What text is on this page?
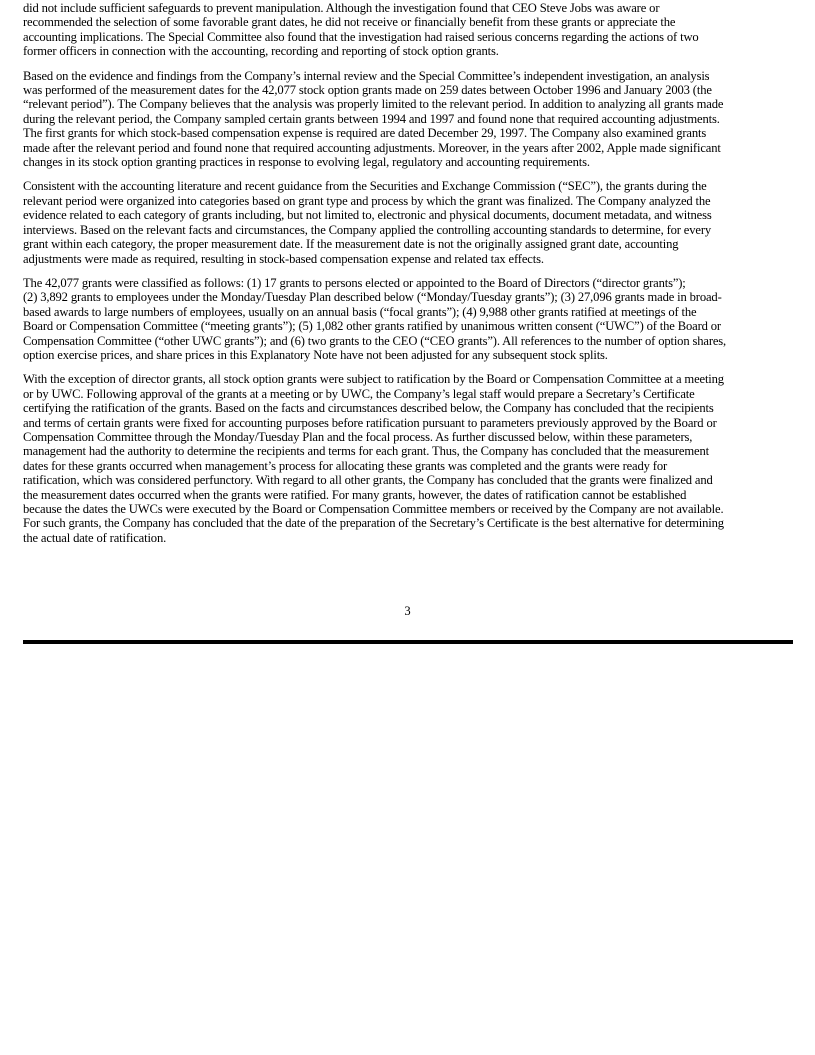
did not include sufficient safeguards to prevent manipulation. Although the investigation found that CEO Steve Jobs was aware or
recommended the selection of some favorable grant dates, he did not receive or financially benefit from these grants or appreciate the
accounting implications. The Special Committee also found that the investigation had raised serious concerns regarding the actions of two
former officers in connection with the accounting, recording and reporting of stock option grants.

Based on the evidence and findings from the Company’s internal review and the Special Committee’s independent investigation, an analysis
was performed of the measurement dates for the 42,077 stock option grants made on 259 dates between October 1996 and January 2003 (the
“relevant period”). The Company believes that the analysis was properly limited to the relevant period. In addition to analyzing all grants made
during the relevant period, the Company sampled certain grants between 1994 and 1997 and found none that required accounting adjustments.
The first grants for which stock-based compensation expense is required are dated December 29, 1997. The Company also examined grants
made after the relevant period and found none that required accounting adjustments. Moreover, in the years after 2002, Apple made significant
changes in its stock option granting practices in response to evolving legal, regulatory and accounting requirements.

Consistent with the accounting literature and recent guidance from the Securities and Exchange Commission (“SEC”), the grants during the
relevant period were organized into categories based on grant type and process by which the grant was finalized. The Company analyzed the
evidence related to each category of grants including, but not limited to, electronic and physical documents, document metadata, and witness
interviews. Based on the relevant facts and circumstances, the Company applied the controlling accounting standards to determine, for every
grant within each category, the proper measurement date. If the measurement date is not the originally assigned grant date, accounting
adjustments were made as required, resulting in stock-based compensation expense and related tax effects.

The 42,077 grants were classified as follows: (1) 17 grants to persons elected or appointed to the Board of Directors (“director grants”);
(2) 3,892 grants to employees under the Monday/Tuesday Plan described below (“Monday/Tuesday grants”); (3) 27,096 grants made in broad-
based awards to large numbers of employees, usually on an annual basis (“focal grants”); (4) 9,988 other grants ratified at meetings of the
Board or Compensation Committee (“meeting grants”); (5) 1,082 other grants ratified by unanimous written consent (“UWC”) of the Board or
Compensation Committee (“other UWC grants”); and (6) two grants to the CEO (“CEO grants”). All references to the number of option shares,
option exercise prices, and share prices in this Explanatory Note have not been adjusted for any subsequent stock splits.

With the exception of director grants, all stock option grants were subject to ratification by the Board or Compensation Committee at a meeting
or by UWC. Following approval of the grants at a meeting or by UWC, the Company’s legal staff would prepare a Secretary’s Certificate
certifying the ratification of the grants. Based on the facts and circumstances described below, the Company has concluded that the recipients
and terms of certain grants were fixed for accounting purposes before ratification pursuant to parameters previously approved by the Board or
Compensation Committee through the Monday/Tuesday Plan and the focal process. As further discussed below, within these parameters,
management had the authority to determine the recipients and terms for each grant. Thus, the Company has concluded that the measurement
dates for these grants occurred when management’s process for allocating these grants was completed and the grants were ready for
ratification, which was considered perfunctory. With regard to all other grants, the Company has concluded that the grants were finalized and
the measurement dates occurred when the grants were ratified. For many grants, however, the dates of ratification cannot be established
because the dates the UWCs were executed by the Board or Compensation Committee members or received by the Company are not available.
For such grants, the Company has concluded that the date of the preparation of the Secretary’s Certificate is the best alternative for determining
the actual date of ratification.

3
